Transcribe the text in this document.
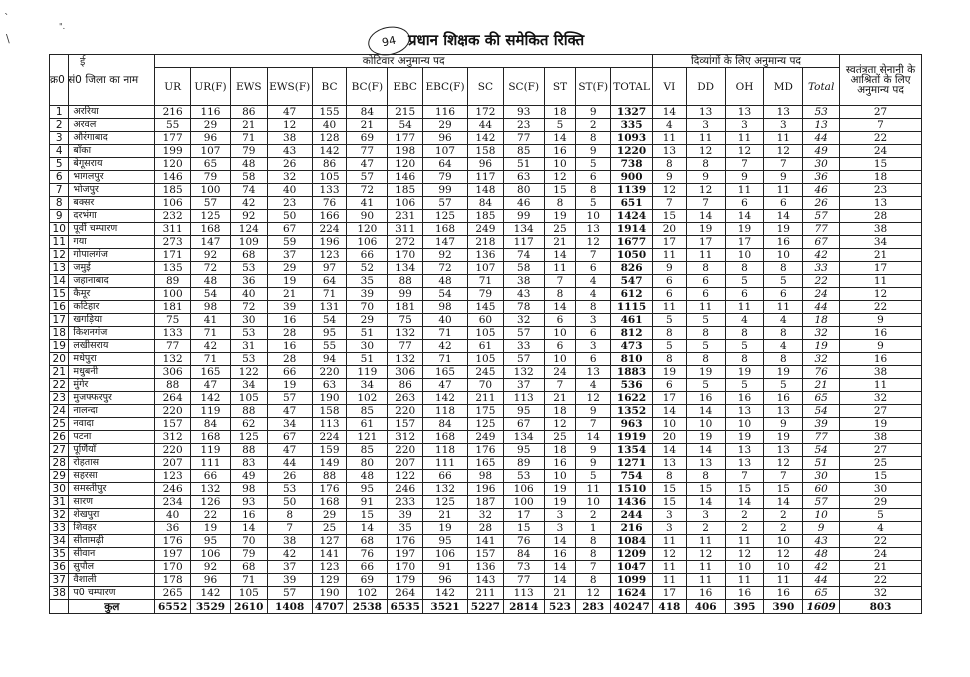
`
\
".
ई
94 प्रधान शिक्षक की समेकित रिक्ति
क्र0 सं0	जिला का नाम	कोटिवार अनुमान्य पद													दिव्यांगों के लिए अनुमान्य पद					स्वतंत्रता सेनानी के आश्रितों के लिए अनुमान्य पद
		UR	UR(F)	EWS	EWS(F)	BC	BC(F)	EBC	EBC(F)	SC	SC(F)	ST	ST(F)	TOTAL	VI	DD	OH	MD	Total	
1	अररिया	216	116	86	47	155	84	215	116	172	93	18	9	1327	14	13	13	13	53	27
2	अरवल	55	29	21	12	40	21	54	29	44	23	5	2	335	4	3	3	3	13	7
3	औरंगाबाद	177	96	71	38	128	69	177	96	142	77	14	8	1093	11	11	11	11	44	22
4	बाँका	199	107	79	43	142	77	198	107	158	85	16	9	1220	13	12	12	12	49	24
5	बेगूसराय	120	65	48	26	86	47	120	64	96	51	10	5	738	8	8	7	7	30	15
6	भागलपुर	146	79	58	32	105	57	146	79	117	63	12	6	900	9	9	9	9	36	18
7	भोजपुर	185	100	74	40	133	72	185	99	148	80	15	8	1139	12	12	11	11	46	23
8	बक्सर	106	57	42	23	76	41	106	57	84	46	8	5	651	7	7	6	6	26	13
9	दरभंगा	232	125	92	50	166	90	231	125	185	99	19	10	1424	15	14	14	14	57	28
10	पूर्वी चम्पारण	311	168	124	67	224	120	311	168	249	134	25	13	1914	20	19	19	19	77	38
11	गया	273	147	109	59	196	106	272	147	218	117	21	12	1677	17	17	17	16	67	34
12	गोपालगंज	171	92	68	37	123	66	170	92	136	74	14	7	1050	11	11	10	10	42	21
13	जमुई	135	72	53	29	97	52	134	72	107	58	11	6	826	9	8	8	8	33	17
14	जहानाबाद	89	48	36	19	64	35	88	48	71	38	7	4	547	6	6	5	5	22	11
15	कैमूर	100	54	40	21	71	39	99	54	79	43	8	4	612	6	6	6	6	24	12
16	कटिहार	181	98	72	39	131	70	181	98	145	78	14	8	1115	11	11	11	11	44	22
17	खगड़िया	75	41	30	16	54	29	75	40	60	32	6	3	461	5	5	4	4	18	9
18	किशनगंज	133	71	53	28	95	51	132	71	105	57	10	6	812	8	8	8	8	32	16
19	लखीसराय	77	42	31	16	55	30	77	42	61	33	6	3	473	5	5	5	4	19	9
20	मधेपुरा	132	71	53	28	94	51	132	71	105	57	10	6	810	8	8	8	8	32	16
21	मधुबनी	306	165	122	66	220	119	306	165	245	132	24	13	1883	19	19	19	19	76	38
22	मुंगेर	88	47	34	19	63	34	86	47	70	37	7	4	536	6	5	5	5	21	11
23	मुजफ्फरपुर	264	142	105	57	190	102	263	142	211	113	21	12	1622	17	16	16	16	65	32
24	नालन्दा	220	119	88	47	158	85	220	118	175	95	18	9	1352	14	14	13	13	54	27
25	नवादा	157	84	62	34	113	61	157	84	125	67	12	7	963	10	10	10	9	39	19
26	पटना	312	168	125	67	224	121	312	168	249	134	25	14	1919	20	19	19	19	77	38
27	पूर्णियाँ	220	119	88	47	159	85	220	118	176	95	18	9	1354	14	14	13	13	54	27
28	रोहतास	207	111	83	44	149	80	207	111	165	89	16	9	1271	13	13	13	12	51	25
29	सहरसा	123	66	49	26	88	48	122	66	98	53	10	5	754	8	8	7	7	30	15
30	समस्तीपुर	246	132	98	53	176	95	246	132	196	106	19	11	1510	15	15	15	15	60	30
31	सारण	234	126	93	50	168	91	233	125	187	100	19	10	1436	15	14	14	14	57	29
32	शेखपुरा	40	22	16	8	29	15	39	21	32	17	3	2	244	3	3	2	2	10	5
33	शिवहर	36	19	14	7	25	14	35	19	28	15	3	1	216	3	2	2	2	9	4
34	सीतामढ़ी	176	95	70	38	127	68	176	95	141	76	14	8	1084	11	11	11	10	43	22
35	सीवान	197	106	79	42	141	76	197	106	157	84	16	8	1209	12	12	12	12	48	24
36	सुपौल	170	92	68	37	123	66	170	91	136	73	14	7	1047	11	11	10	10	42	21
37	वैशाली	178	96	71	39	129	69	179	96	143	77	14	8	1099	11	11	11	11	44	22
38	प0 चम्पारण	265	142	105	57	190	102	264	142	211	113	21	12	1624	17	16	16	16	65	32
	कुल	6552	3529	2610	1408	4707	2538	6535	3521	5227	2814	523	283	40247	418	406	395	390	1609	803
